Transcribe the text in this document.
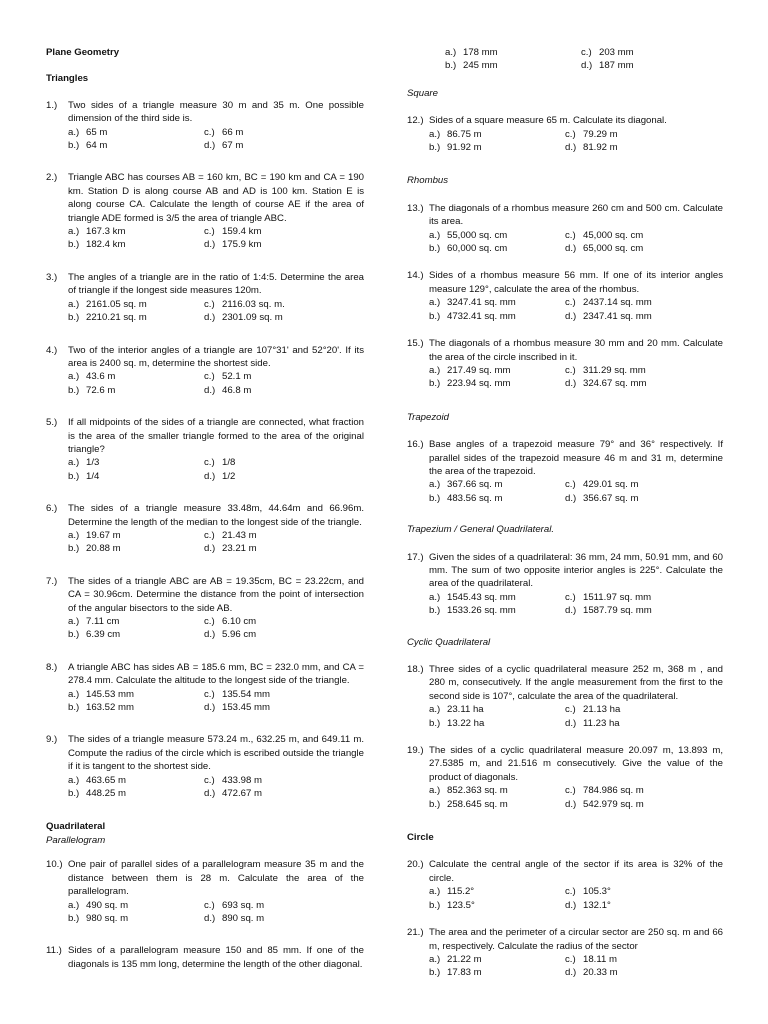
Plane Geometry

Triangles

1.) Two sides of a triangle measure 30 m and 35 m. One possible dimension of the third side is.
a.) 65 m	c.) 66 m
b.) 64 m	d.) 67 m
2.) Triangle ABC has courses AB = 160 km, BC = 190 km and CA = 190 km. Station D is along course AB and AD is 100 km. Station E is along course CA. Calculate the length of course AE if the area of triangle ADE formed is 3/5 the area of triangle ABC.
a.) 167.3 km	c.) 159.4 km
b.) 182.4 km	d.) 175.9 km
3.) The angles of a triangle are in the ratio of 1:4:5. Determine the area of triangle if the longest side measures 120m.
a.) 2161.05 sq. m	c.) 2116.03 sq. m.
b.) 2210.21 sq. m	d.) 2301.09 sq. m
4.) Two of the interior angles of a triangle are 107°31' and 52°20'. If its area is 2400 sq. m, determine the shortest side.
a.) 43.6 m	c.) 52.1 m
b.) 72.6 m	d.) 46.8 m
5.) If all midpoints of the sides of a triangle are connected, what fraction is the area of the smaller triangle formed to the area of the original triangle?
a.) 1/3	c.) 1/8
b.) 1/4	d.) 1/2
6.) The sides of a triangle measure 33.48m, 44.64m and 66.96m. Determine the length of the median to the longest side of the triangle.
a.) 19.67 m	c.) 21.43 m
b.) 20.88 m	d.) 23.21 m
7.) The sides of a triangle ABC are AB = 19.35cm, BC = 23.22cm, and CA = 30.96cm. Determine the distance from the point of intersection of the angular bisectors to the side AB.
a.) 7.11 cm	c.) 6.10 cm
b.) 6.39 cm	d.) 5.96 cm
8.) A triangle ABC has sides AB = 185.6 mm, BC = 232.0 mm, and CA = 278.4 mm. Calculate the altitude to the longest side of the triangle.
a.) 145.53 mm	c.) 135.54 mm
b.) 163.52 mm	d.) 153.45 mm
9.) The sides of a triangle measure 573.24 m., 632.25 m, and 649.11 m. Compute the radius of the circle which is escribed outside the triangle if it is tangent to the shortest side.
a.) 463.65 m	c.) 433.98 m
b.) 448.25 m	d.) 472.67 m

Quadrilateral

Parallelogram

10.) One pair of parallel sides of a parallelogram measure 35 m and the distance between them is 28 m. Calculate the area of the parallelogram.
a.) 490 sq. m	c.) 693 sq. m
b.) 980 sq. m	d.) 890 sq. m
11.) Sides of a parallelogram measure 150 and 85 mm. If one of the diagonals is 135 mm long, determine the length of the other diagonal.
a.) 178 mm	c.) 203 mm
b.) 245 mm	d.) 187 mm

Square

12.) Sides of a square measure 65 m. Calculate its diagonal.
a.) 86.75 m	c.) 79.29 m
b.) 91.92 m	d.) 81.92 m

Rhombus

13.) The diagonals of a rhombus measure 260 cm and 500 cm. Calculate its area.
a.) 55,000 sq. cm	c.) 45,000 sq. cm
b.) 60,000 sq. cm	d.) 65,000 sq. cm
14.) Sides of a rhombus measure 56 mm. If one of its interior angles measure 129°, calculate the area of the rhombus.
a.) 3247.41 sq. mm	c.) 2437.14 sq. mm
b.) 4732.41 sq. mm	d.) 2347.41 sq. mm
15.) The diagonals of a rhombus measure 30 mm and 20 mm. Calculate the area of the circle inscribed in it.
a.) 217.49 sq. mm	c.) 311.29 sq. mm
b.) 223.94 sq. mm	d.) 324.67 sq. mm

Trapezoid

16.) Base angles of a trapezoid measure 79° and 36° respectively. If parallel sides of the trapezoid measure 46 m and 31 m, determine the area of the trapezoid.
a.) 367.66 sq. m	c.) 429.01 sq. m
b.) 483.56 sq. m	d.) 356.67 sq. m

Trapezium / General Quadrilateral.

17.) Given the sides of a quadrilateral: 36 mm, 24 mm, 50.91 mm, and 60 mm. The sum of two opposite interior angles is 225°. Calculate the area of the quadrilateral.
a.) 1545.43 sq. mm	c.) 1511.97 sq. mm
b.) 1533.26 sq. mm	d.) 1587.79 sq. mm

Cyclic Quadrilateral

18.) Three sides of a cyclic quadrilateral measure 252 m, 368 m , and 280 m, consecutively. If the angle measurement from the first to the second side is 107°, calculate the area of the quadrilateral.
a.) 23.11 ha	c.) 21.13 ha
b.) 13.22 ha	d.) 11.23 ha
19.) The sides of a cyclic quadrilateral measure 20.097 m, 13.893 m, 27.5385 m, and 21.516 m consecutively. Give the value of the product of diagonals.
a.) 852.363 sq. m	c.) 784.986 sq. m
b.) 258.645 sq. m	d.) 542.979 sq. m

Circle

20.) Calculate the central angle of the sector if its area is 32% of the circle.
a.) 115.2°	c.) 105.3°
b.) 123.5°	d.) 132.1°
21.) The area and the perimeter of a circular sector are 250 sq. m and 66 m, respectively. Calculate the radius of the sector
a.) 21.22 m	c.) 18.11 m
b.) 17.83 m	d.) 20.33 m
